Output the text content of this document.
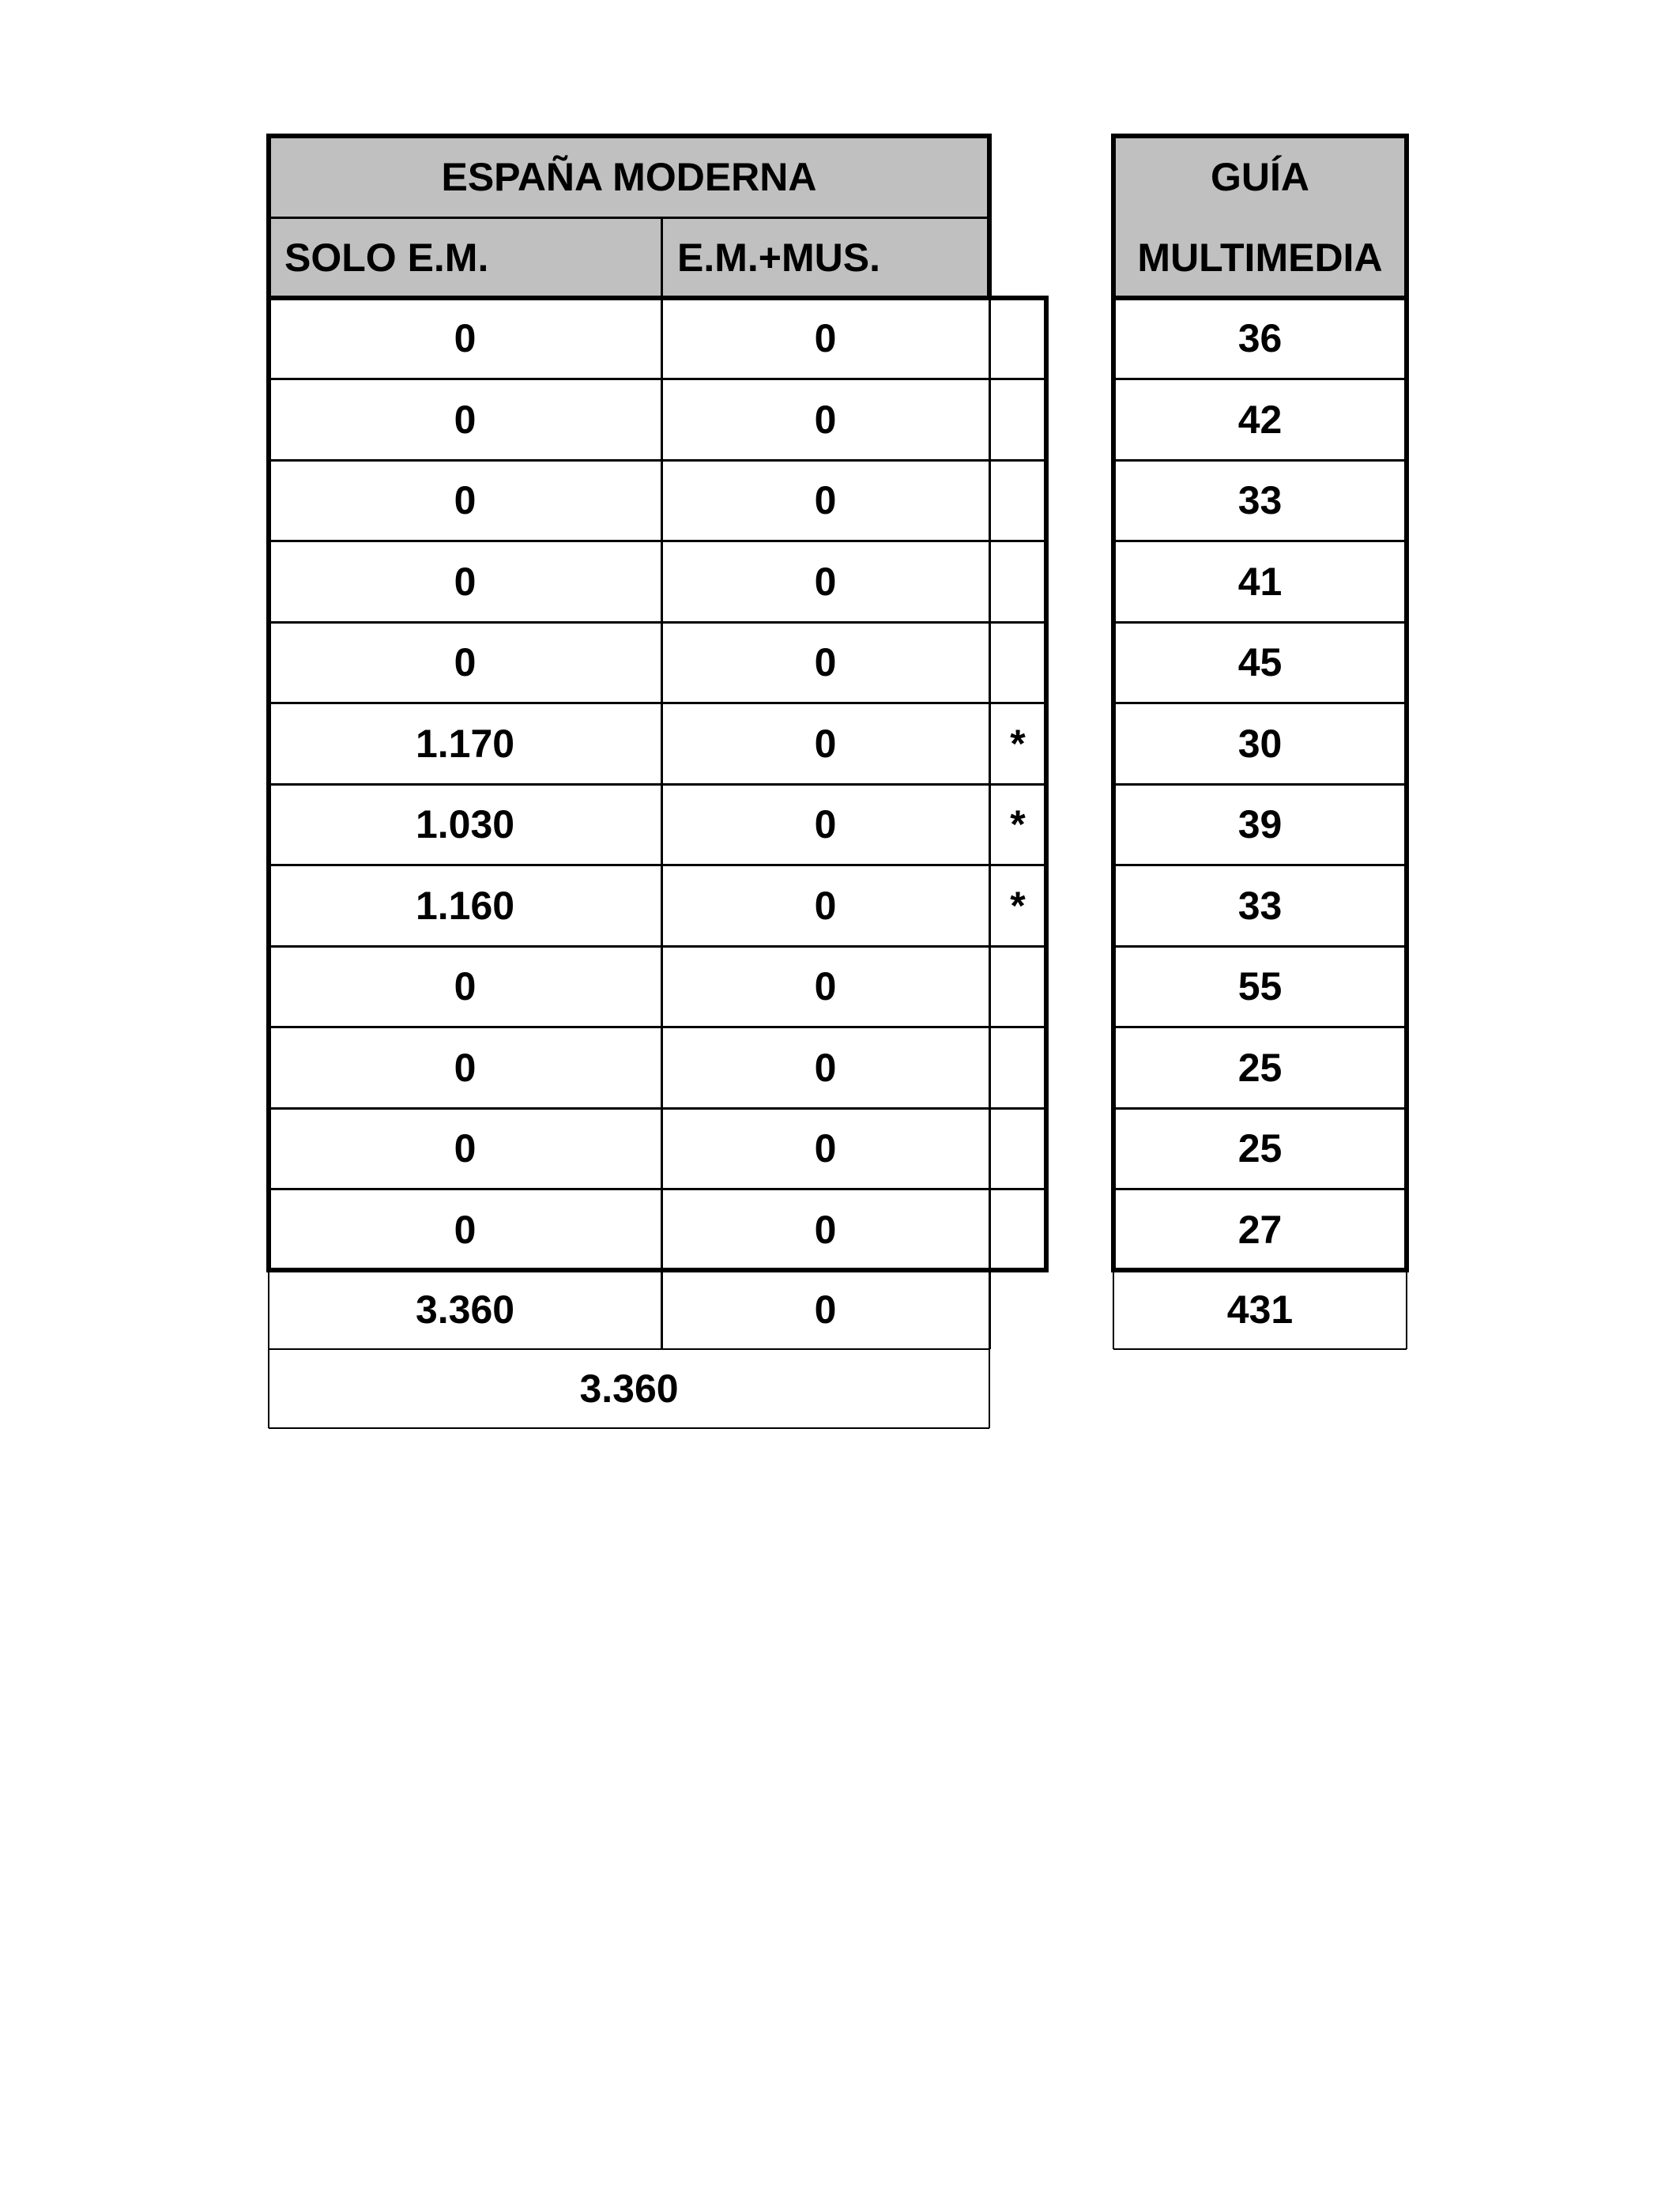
ESPAÑA MODERNA
SOLO E.M.	E.M.+MUS.
0	0
0	0
0	0
0	0
0	0
1.170	0	*
1.030	0	*
1.160	0	*
0	0
0	0
0	0
0	0
3.360	0
3.360
GUÍA
MULTIMEDIA
36
42
33
41
45
30
39
33
55
25
25
27
431
